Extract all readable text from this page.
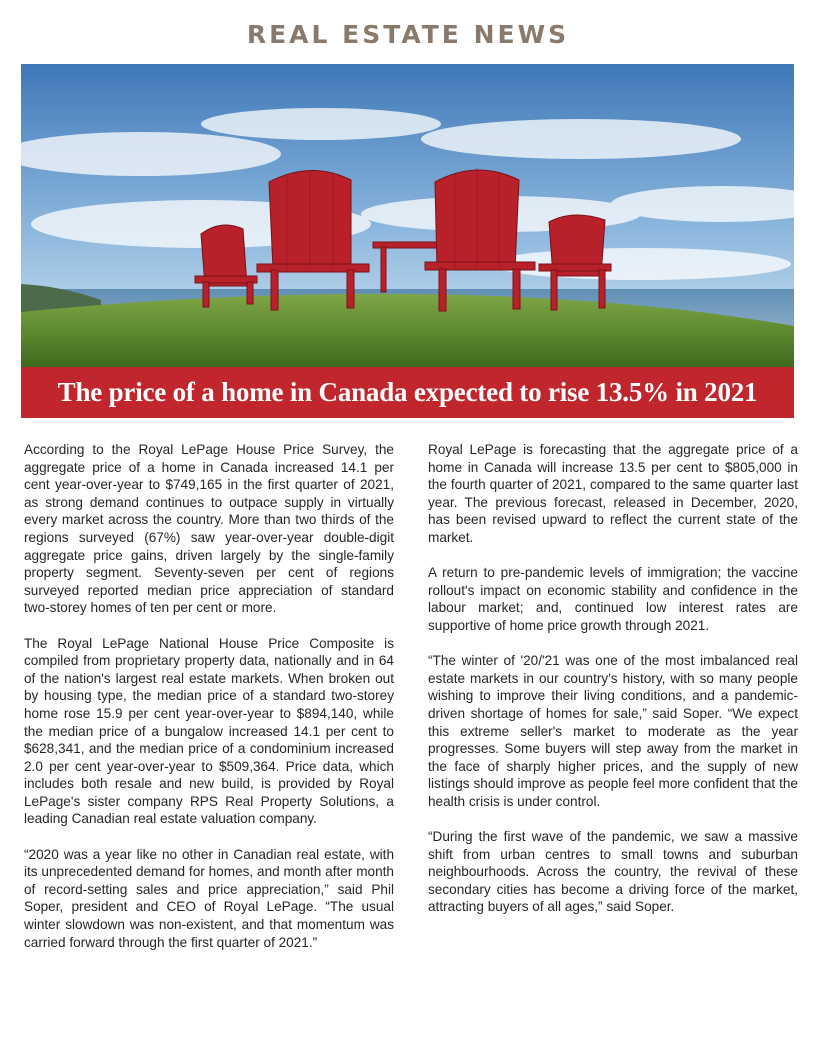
REAL ESTATE NEWS
The price of a home in Canada expected to rise 13.5% in 2021

According to the Royal LePage House Price Survey, the aggregate price of a home in Canada increased 14.1 per cent year-over-year to $749,165 in the first quarter of 2021, as strong demand continues to outpace supply in virtually every market across the country. More than two thirds of the regions surveyed (67%) saw year-over-year double-digit aggregate price gains, driven largely by the single-family property segment. Seventy-seven per cent of regions surveyed reported median price appreciation of standard two-storey homes of ten per cent or more.

The Royal LePage National House Price Composite is compiled from proprietary property data, nationally and in 64 of the nation's largest real estate markets. When broken out by housing type, the median price of a standard two-storey home rose 15.9 per cent year-over-year to $894,140, while the median price of a bungalow increased 14.1 per cent to $628,341, and the median price of a condominium increased 2.0 per cent year-over-year to $509,364. Price data, which includes both resale and new build, is provided by Royal LePage's sister company RPS Real Property Solutions, a leading Canadian real estate valuation company.

“2020 was a year like no other in Canadian real estate, with its unprecedented demand for homes, and month after month of record-setting sales and price appreciation,” said Phil Soper, president and CEO of Royal LePage. “The usual winter slowdown was non-existent, and that momentum was carried forward through the first quarter of 2021.”

Royal LePage is forecasting that the aggregate price of a home in Canada will increase 13.5 per cent to $805,000 in the fourth quarter of 2021, compared to the same quarter last year. The previous forecast, released in December, 2020, has been revised upward to reflect the current state of the market.

A return to pre-pandemic levels of immigration; the vaccine rollout's impact on economic stability and confidence in the labour market; and, continued low interest rates are supportive of home price growth through 2021.

“The winter of '20/'21 was one of the most imbalanced real estate markets in our country's history, with so many people wishing to improve their living conditions, and a pandemic-driven shortage of homes for sale,” said Soper. “We expect this extreme seller's market to moderate as the year progresses. Some buyers will step away from the market in the face of sharply higher prices, and the supply of new listings should improve as people feel more confident that the health crisis is under control.

“During the first wave of the pandemic, we saw a massive shift from urban centres to small towns and suburban neighbourhoods. Across the country, the revival of these secondary cities has become a driving force of the market, attracting buyers of all ages,” said Soper.
